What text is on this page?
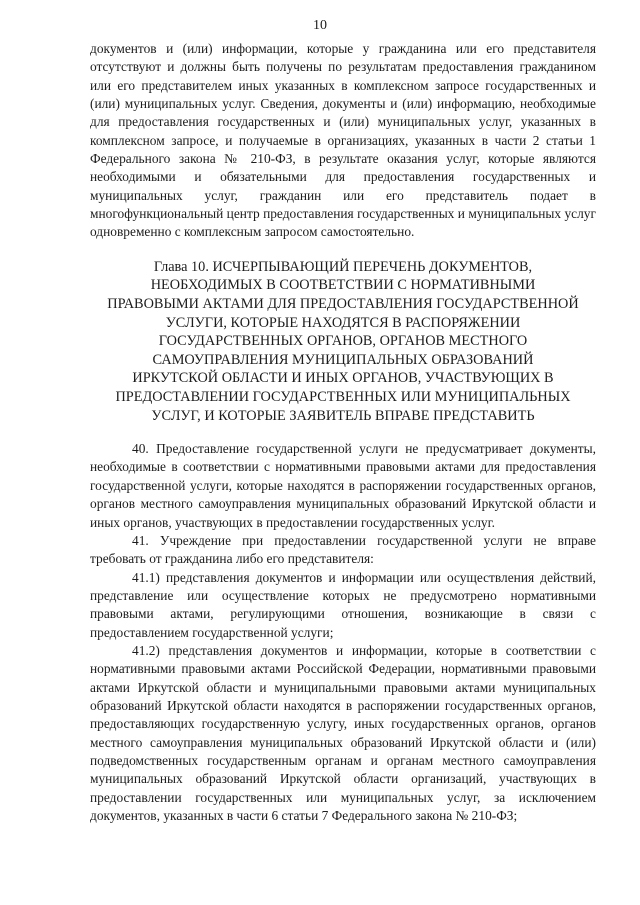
10

документов и (или) информации, которые у гражданина или его представителя отсутствуют и должны быть получены по результатам предоставления гражданином или его представителем иных указанных в комплексном запросе государственных и (или) муниципальных услуг. Сведения, документы и (или) информацию, необходимые для предоставления государственных и (или) муниципальных услуг, указанных в комплексном запросе, и получаемые в организациях, указанных в части 2 статьи 1 Федерального закона № 210-ФЗ, в результате оказания услуг, которые являются необходимыми и обязательными для предоставления государственных и муниципальных услуг, гражданин или его представитель подает в многофункциональный центр предоставления государственных и муниципальных услуг одновременно с комплексным запросом самостоятельно.

Глава 10. ИСЧЕРПЫВАЮЩИЙ ПЕРЕЧЕНЬ ДОКУМЕНТОВ,
НЕОБХОДИМЫХ В СООТВЕТСТВИИ С НОРМАТИВНЫМИ
ПРАВОВЫМИ АКТАМИ ДЛЯ ПРЕДОСТАВЛЕНИЯ ГОСУДАРСТВЕННОЙ
УСЛУГИ, КОТОРЫЕ НАХОДЯТСЯ В РАСПОРЯЖЕНИИ
ГОСУДАРСТВЕННЫХ ОРГАНОВ, ОРГАНОВ МЕСТНОГО
САМОУПРАВЛЕНИЯ МУНИЦИПАЛЬНЫХ ОБРАЗОВАНИЙ
ИРКУТСКОЙ ОБЛАСТИ И ИНЫХ ОРГАНОВ, УЧАСТВУЮЩИХ В
ПРЕДОСТАВЛЕНИИ ГОСУДАРСТВЕННЫХ ИЛИ МУНИЦИПАЛЬНЫХ
УСЛУГ, И КОТОРЫЕ ЗАЯВИТЕЛЬ ВПРАВЕ ПРЕДСТАВИТЬ

40. Предоставление государственной услуги не предусматривает документы, необходимые в соответствии с нормативными правовыми актами для предоставления государственной услуги, которые находятся в распоряжении государственных органов, органов местного самоуправления муниципальных образований Иркутской области и иных органов, участвующих в предоставлении государственных услуг.

41. Учреждение при предоставлении государственной услуги не вправе требовать от гражданина либо его представителя:

41.1) представления документов и информации или осуществления действий, представление или осуществление которых не предусмотрено нормативными правовыми актами, регулирующими отношения, возникающие в связи с предоставлением государственной услуги;

41.2) представления документов и информации, которые в соответствии с нормативными правовыми актами Российской Федерации, нормативными правовыми актами Иркутской области и муниципальными правовыми актами муниципальных образований Иркутской области находятся в распоряжении государственных органов, предоставляющих государственную услугу, иных государственных органов, органов местного самоуправления муниципальных образований Иркутской области и (или) подведомственных государственным органам и органам местного самоуправления муниципальных образований Иркутской области организаций, участвующих в предоставлении государственных или муниципальных услуг, за исключением документов, указанных в части 6 статьи 7 Федерального закона № 210-ФЗ;
